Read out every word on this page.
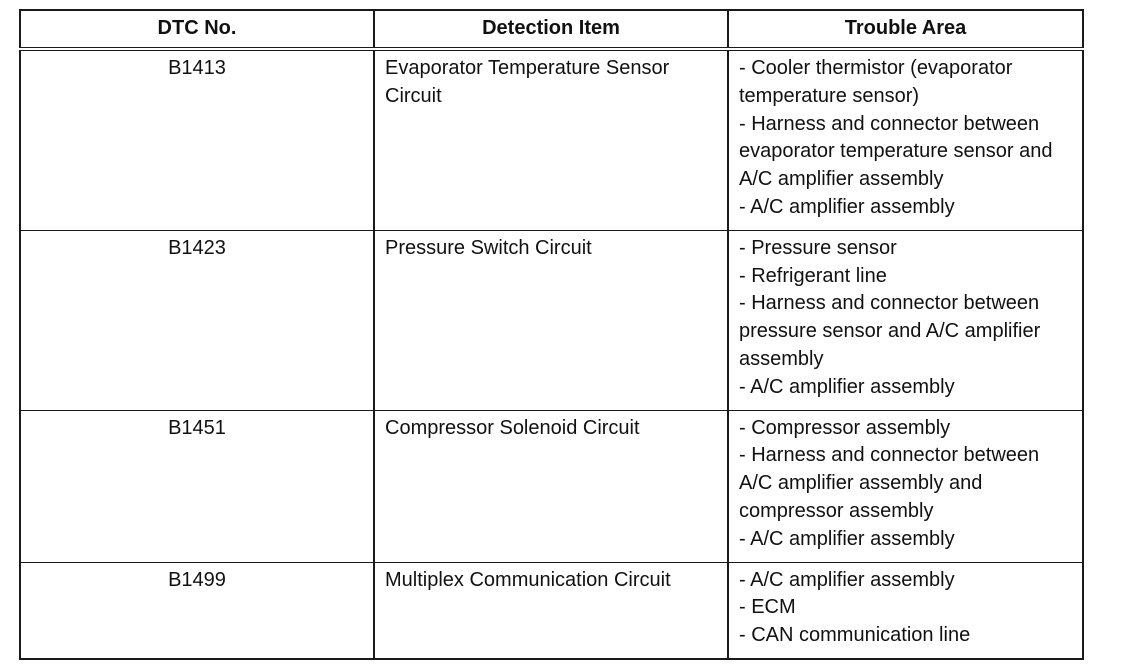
DTC No.	Detection Item	Trouble Area
B1413	Evaporator Temperature Sensor Circuit	- Cooler thermistor (evaporator temperature sensor)
- Harness and connector between evaporator temperature sensor and A/C amplifier assembly
- A/C amplifier assembly

B1423	Pressure Switch Circuit	- Pressure sensor
- Refrigerant line
- Harness and connector between pressure sensor and A/C amplifier assembly
- A/C amplifier assembly

B1451	Compressor Solenoid Circuit	- Compressor assembly
- Harness and connector between A/C amplifier assembly and compressor assembly
- A/C amplifier assembly

B1499	Multiplex Communication Circuit	- A/C amplifier assembly
- ECM
- CAN communication line
